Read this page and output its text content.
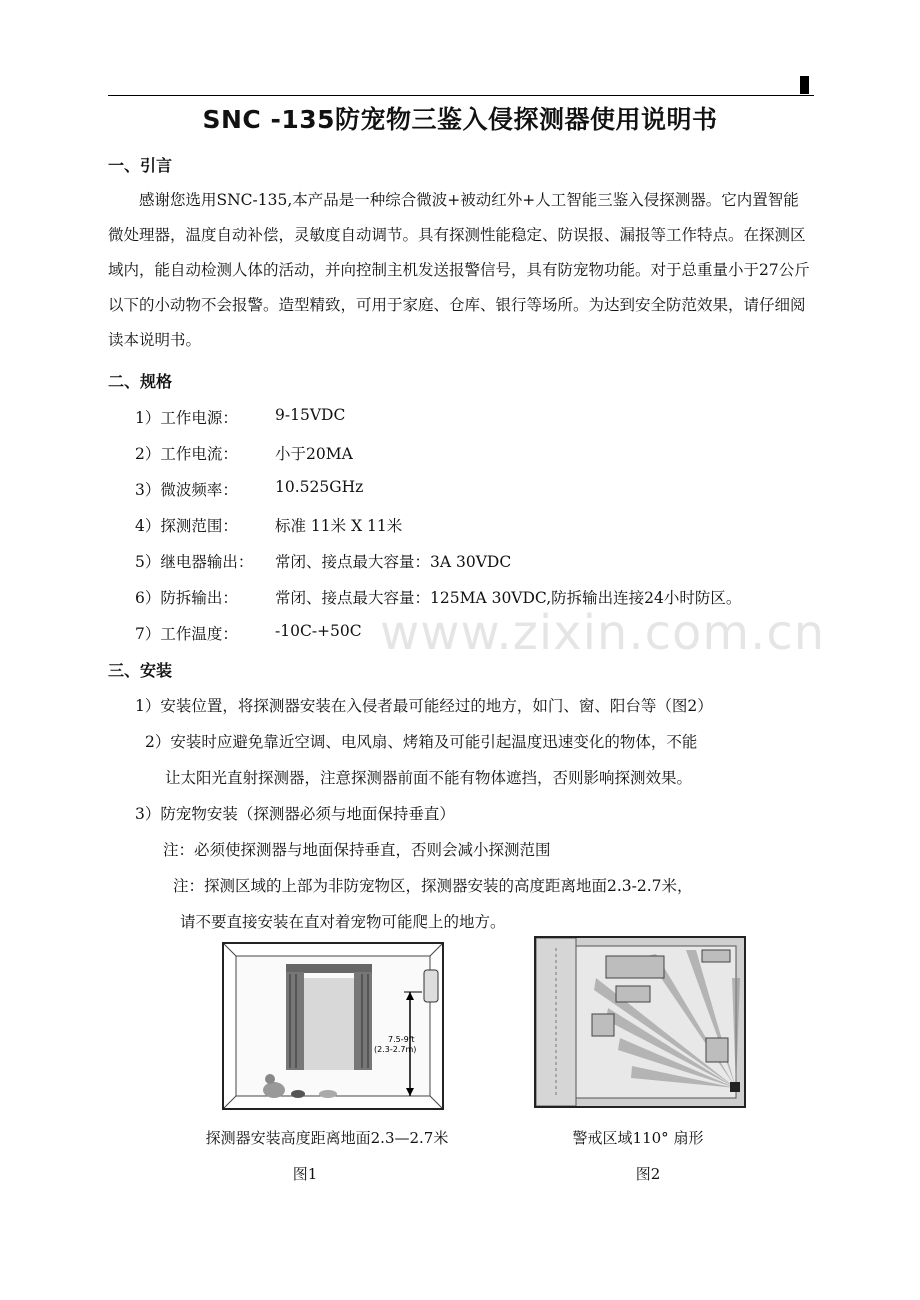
SNC -135防宠物三鉴入侵探测器使用说明书
一、引言
感谢您选用SNC-135,本产品是一种综合微波+被动红外+人工智能三鉴入侵探测器。它内置智能微处理器，温度自动补偿，灵敏度自动调节。具有探测性能稳定、防误报、漏报等工作特点。在探测区域内，能自动检测人体的活动，并向控制主机发送报警信号，具有防宠物功能。对于总重量小于27公斤以下的小动物不会报警。造型精致，可用于家庭、仓库、银行等场所。为达到安全防范效果，请仔细阅读本说明书。
二、规格
1）工作电源： 9-15VDC
2）工作电流： 小于20MA
3）微波频率： 10.525GHz
4）探测范围： 标准 11米 X 11米
5）继电器输出： 常闭、接点最大容量：3A 30VDC
6）防拆输出： 常闭、接点最大容量：125MA 30VDC,防拆输出连接24小时防区。
7）工作温度： -10C-+50C
三、安装
1）安装位置，将探测器安装在入侵者最可能经过的地方，如门、窗、阳台等（图2）
2）安装时应避免靠近空调、电风扇、烤箱及可能引起温度迅速变化的物体，不能
让太阳光直射探测器，注意探测器前面不能有物体遮挡，否则影响探测效果。
3）防宠物安装（探测器必须与地面保持垂直）
注：必须使探测器与地面保持垂直，否则会减小探测范围
注：探测区域的上部为非防宠物区，探测器安装的高度距离地面2.3-2.7米，
请不要直接安装在直对着宠物可能爬上的地方。
7.5-9ft
(2.3-2.7m)
探测器安装高度距离地面2.3—2.7米
图1
警戒区域110° 扇形
图2
www.zixin.com.cn
